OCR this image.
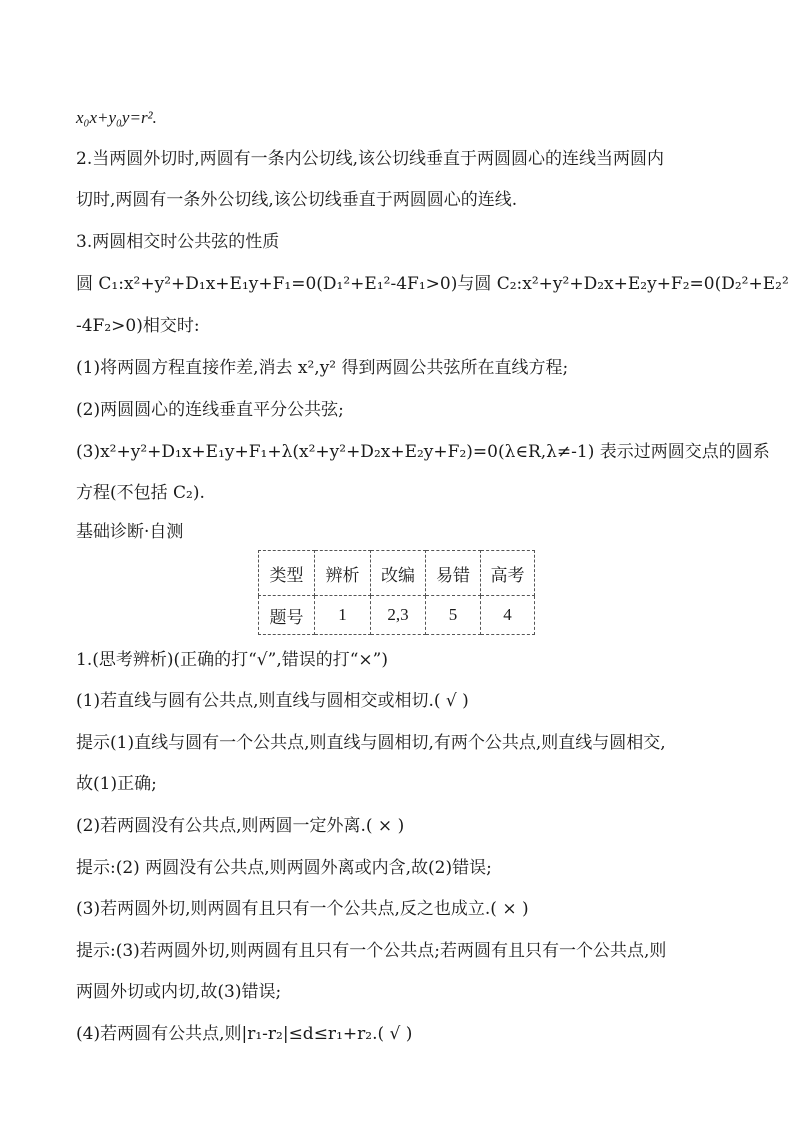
x₀x+y₀y=r².
2.当两圆外切时,两圆有一条内公切线,该公切线垂直于两圆圆心的连线当两圆内
切时,两圆有一条外公切线,该公切线垂直于两圆圆心的连线.
3.两圆相交时公共弦的性质
圆 C₁:x²+y²+D₁x+E₁y+F₁=0(D₁²+E₁²-4F₁>0)与圆 C₂:x²+y²+D₂x+E₂y+F₂=0(D₂²+E₂²
-4F₂>0)相交时:
(1)将两圆方程直接作差,消去 x²,y² 得到两圆公共弦所在直线方程;
(2)两圆圆心的连线垂直平分公共弦;
(3)x²+y²+D₁x+E₁y+F₁+λ(x²+y²+D₂x+E₂y+F₂)=0(λ∈R,λ≠-1) 表示过两圆交点的圆系
方程(不包括 C₂).
基础诊断·自测
类型	辨析	改编	易错	高考
题号	1	2,3	5	4
1.(思考辨析)(正确的打“√”,错误的打“×”)
(1)若直线与圆有公共点,则直线与圆相交或相切.( √ )
提示(1)直线与圆有一个公共点,则直线与圆相切,有两个公共点,则直线与圆相交,
故(1)正确;
(2)若两圆没有公共点,则两圆一定外离.( × )
提示:(2) 两圆没有公共点,则两圆外离或内含,故(2)错误;
(3)若两圆外切,则两圆有且只有一个公共点,反之也成立.( × )
提示:(3)若两圆外切,则两圆有且只有一个公共点;若两圆有且只有一个公共点,则
两圆外切或内切,故(3)错误;
(4)若两圆有公共点,则|r₁-r₂|≤d≤r₁+r₂.( √ )
